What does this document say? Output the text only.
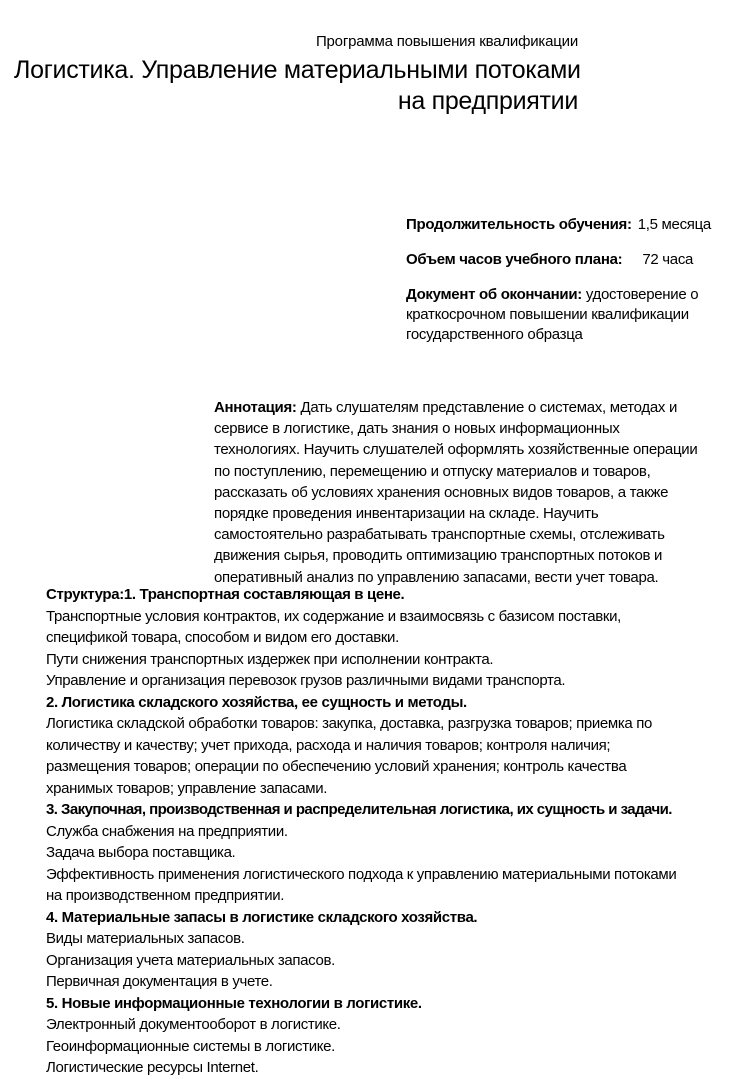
Программа повышения квалификации
Логистика. Управление материальными потоками
на предприятии
Продолжительность обучения: 1,5 месяца
Объем часов учебного плана: 72 часа
Документ об окончании: удостоверение о
краткосрочном повышении квалификации
государственного образца
Аннотация: Дать слушателям представление о системах, методах и
сервисе в логистике, дать знания о новых информационных
технологиях. Научить слушателей оформлять хозяйственные операции
по поступлению, перемещению и отпуску материалов и товаров,
рассказать об условиях хранения основных видов товаров, а также
порядке проведения инвентаризации на складе. Научить
самостоятельно разрабатывать транспортные схемы, отслеживать
движения сырья, проводить оптимизацию транспортных потоков и
оперативный анализ по управлению запасами, вести учет товара.
Структура:1. Транспортная составляющая в цене.
Транспортные условия контрактов, их содержание и взаимосвязь с базисом поставки,
спецификой товара, способом и видом его доставки.
Пути снижения транспортных издержек при исполнении контракта.
Управление и организация перевозок грузов различными видами транспорта.
2. Логистика складского хозяйства, ее сущность и методы.
Логистика складской обработки товаров: закупка, доставка, разгрузка товаров; приемка по
количеству и качеству; учет прихода, расхода и наличия товаров; контроля наличия;
размещения товаров; операции по обеспечению условий хранения; контроль качества
хранимых товаров; управление запасами.
3. Закупочная, производственная и распределительная логистика, их сущность и задачи.
Служба снабжения на предприятии.
Задача выбора поставщика.
Эффективность применения логистического подхода к управлению материальными потоками
на производственном предприятии.
4. Материальные запасы в логистике складского хозяйства.
Виды материальных запасов.
Организация учета материальных запасов.
Первичная документация в учете.
5. Новые информационные технологии в логистике.
Электронный документооборот в логистике.
Геоинформационные системы в логистике.
Логистические ресурсы Internet.
